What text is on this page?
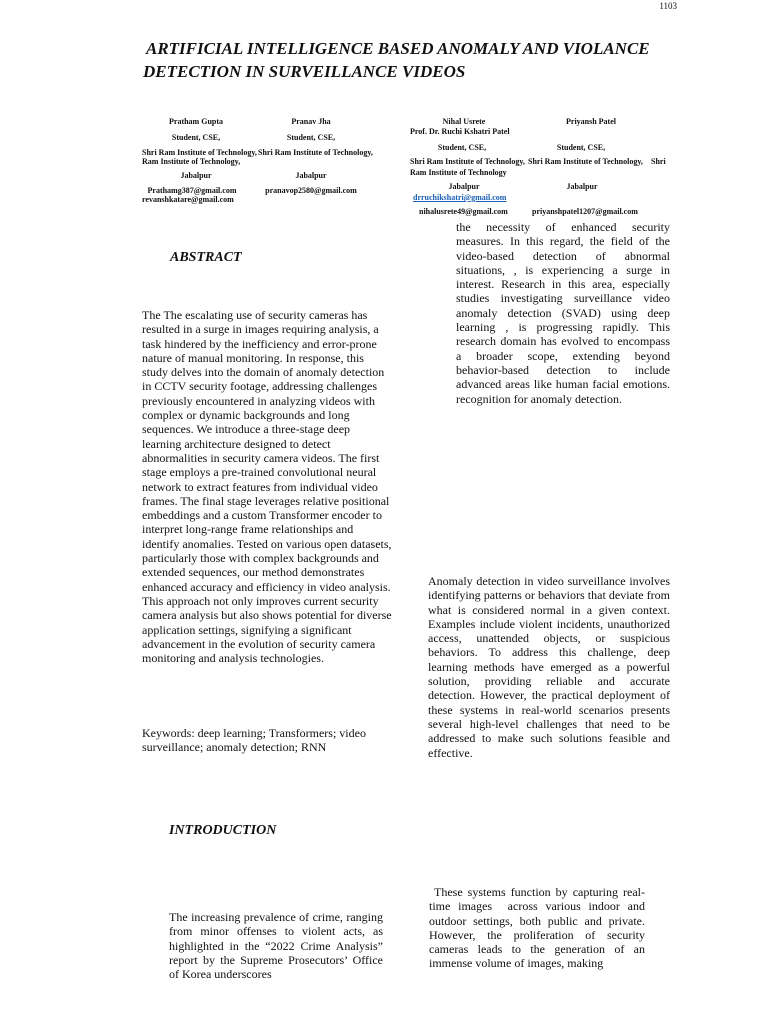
1103
ARTIFICIAL INTELLIGENCE BASED ANOMALY AND VIOLANCE
DETECTION IN SURVEILLANCE VIDEOS
Pratham Gupta
Student, CSE,
Shri Ram Institute of Technology,
Ram Institute of Technology,
Jabalpur
Prathamg387@gmail.com
revanshkatare@gmail.com
Pranav Jha
Student, CSE,
Shri Ram Institute of Technology,
Jabalpur
pranavop2580@gmail.com
Nihal Usrete
Prof. Dr. Ruchi Kshatri Patel
Student, CSE,
Shri Ram Institute of Technology,
Ram Institute of Technology
Jabalpur
drruchikshatri@gmail.com
nihalusrete49@gmail.com
Priyansh Patel
Student, CSE,
Shri Ram Institute of Technology, Shri
Jabalpur
priyanshpatel1207@gmail.com
ABSTRACT

The The escalating use of security cameras has resulted in a surge in images requiring analysis, a task hindered by the inefficiency and error-prone nature of manual monitoring. In response, this study delves into the domain of anomaly detection in CCTV security footage, addressing challenges previously encountered in analyzing videos with complex or dynamic backgrounds and long sequences. We introduce a three-stage deep learning architecture designed to detect abnormalities in security camera videos. The first stage employs a pre-trained convolutional neural network to extract features from individual video frames. The final stage leverages relative positional embeddings and a custom Transformer encoder to interpret long-range frame relationships and identify anomalies. Tested on various open datasets, particularly those with complex backgrounds and extended sequences, our method demonstrates enhanced accuracy and efficiency in video analysis. This approach not only improves current security camera analysis but also shows potential for diverse application settings, signifying a significant advancement in the evolution of security camera monitoring and analysis technologies.

Keywords: deep learning; Transformers; video surveillance; anomaly detection; RNN

INTRODUCTION

The increasing prevalence of crime, ranging from minor offenses to violent acts, as highlighted in the “2022 Crime Analysis” report by the Supreme Prosecutors’ Office of Korea underscores

the necessity of enhanced security measures. In this regard, the field of the video-based detection of abnormal situations, , is experiencing a surge in interest. Research in this area, especially studies investigating surveillance video anomaly detection (SVAD) using deep learning , is progressing rapidly. This research domain has evolved to encompass a broader scope, extending beyond behavior-based detection to include advanced areas like human facial emotions. recognition for anomaly detection.

Anomaly detection in video surveillance involves identifying patterns or behaviors that deviate from what is considered normal in a given context. Examples include violent incidents, unauthorized access, unattended objects, or suspicious behaviors. To address this challenge, deep learning methods have emerged as a powerful solution, providing reliable and accurate detection. However, the practical deployment of these systems in real-world scenarios presents several high-level challenges that need to be addressed to make such solutions feasible and effective.

These systems function by capturing real-time images  across various indoor and outdoor settings, both public and private. However, the proliferation of security cameras leads to the generation of an immense volume of images, making
